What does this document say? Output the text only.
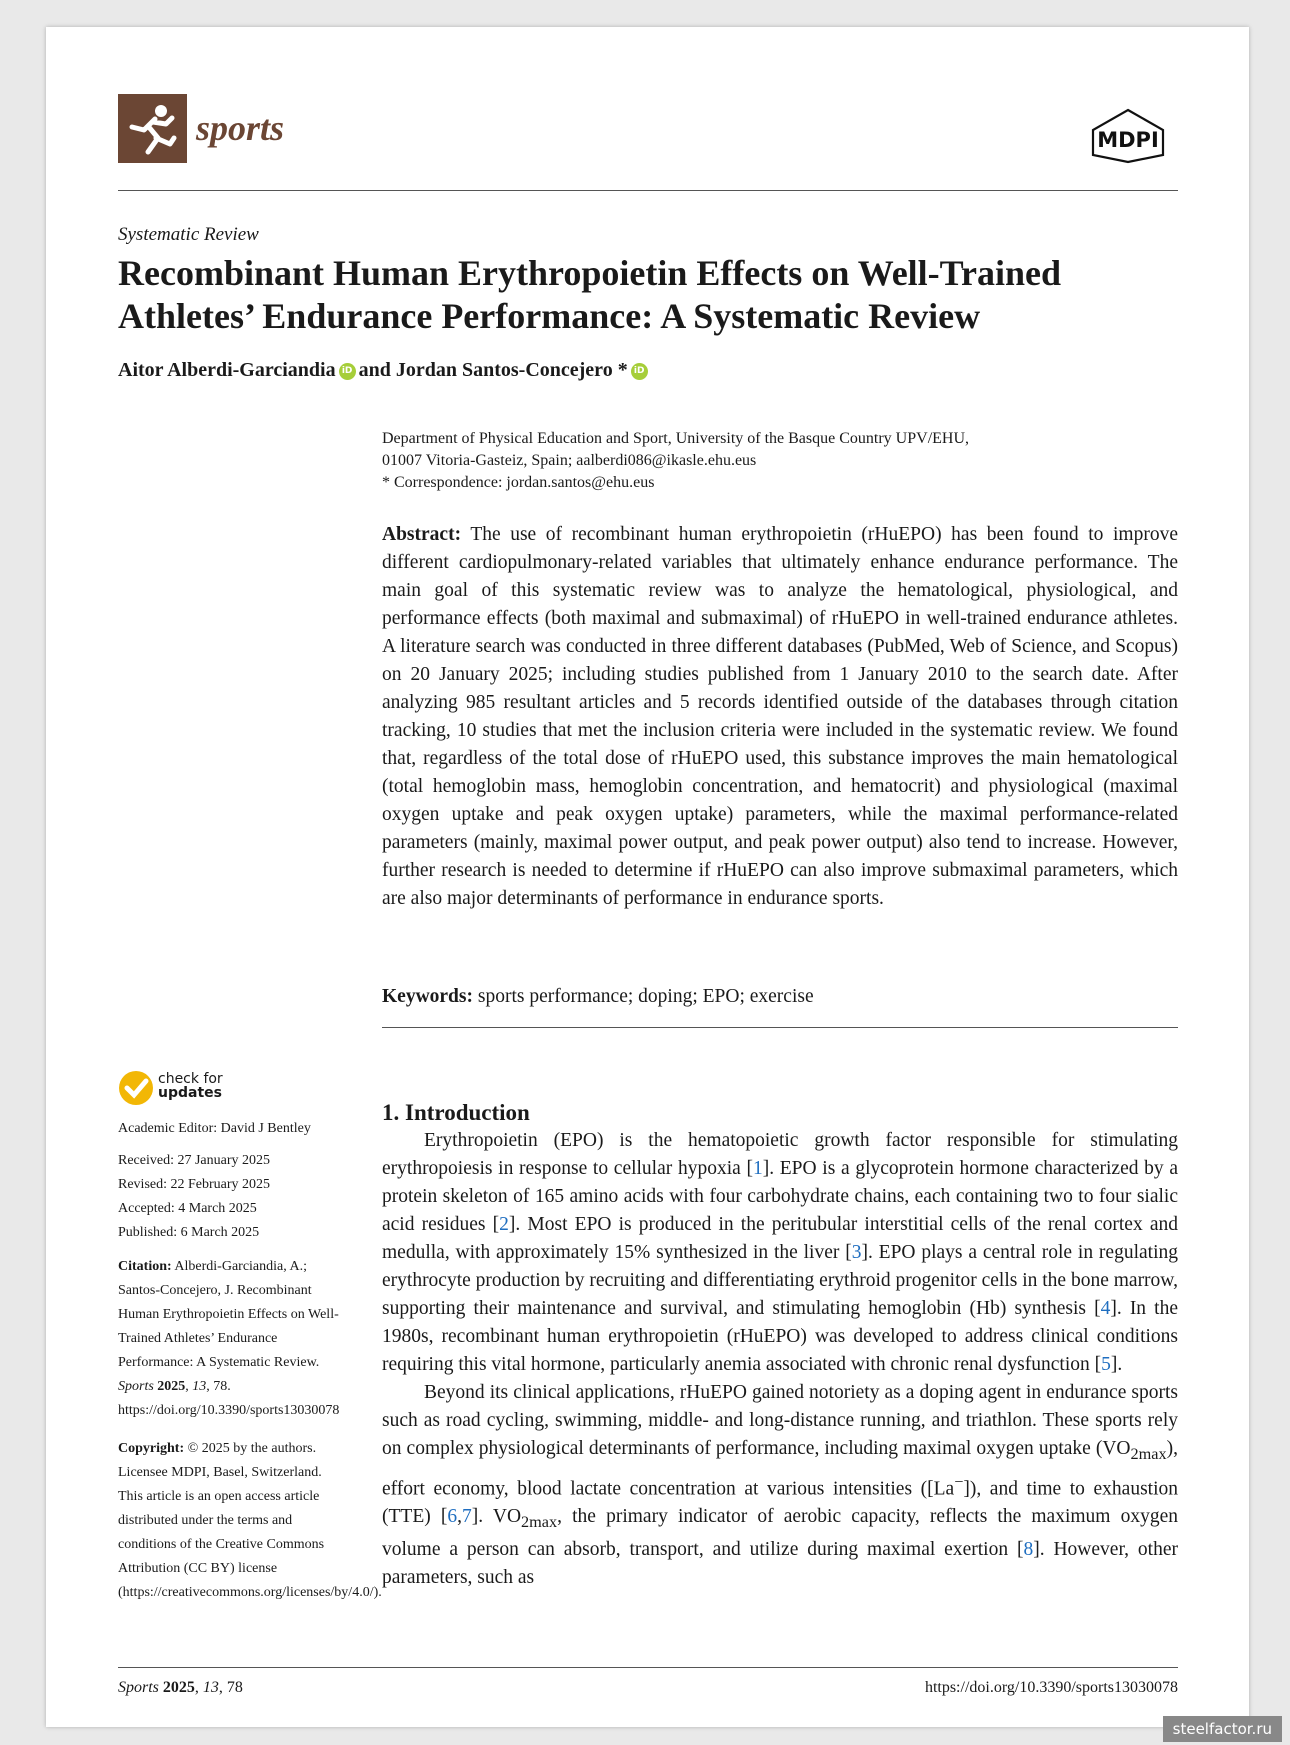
sports	MDPI
Systematic Review
Recombinant Human Erythropoietin Effects on Well-Trained Athletes’ Endurance Performance: A Systematic Review
Aitor Alberdi-Garciandia iD and Jordan Santos-Concejero * iD
Department of Physical Education and Sport, University of the Basque Country UPV/EHU,
01007 Vitoria-Gasteiz, Spain; aalberdi086@ikasle.ehu.eus
* Correspondence: jordan.santos@ehu.eus
Abstract: The use of recombinant human erythropoietin (rHuEPO) has been found to improve different cardiopulmonary-related variables that ultimately enhance endurance performance. The main goal of this systematic review was to analyze the hematological, physiological, and performance effects (both maximal and submaximal) of rHuEPO in well-trained endurance athletes. A literature search was conducted in three different databases (PubMed, Web of Science, and Scopus) on 20 January 2025; including studies published from 1 January 2010 to the search date. After analyzing 985 resultant articles and 5 records identified outside of the databases through citation tracking, 10 studies that met the inclusion criteria were included in the systematic review. We found that, regardless of the total dose of rHuEPO used, this substance improves the main hematological (total hemoglobin mass, hemoglobin concentration, and hematocrit) and physiological (maximal oxygen uptake and peak oxygen uptake) parameters, while the maximal performance-related parameters (mainly, maximal power output, and peak power output) also tend to increase. However, further research is needed to determine if rHuEPO can also improve submaximal parameters, which are also major determinants of performance in endurance sports.
Keywords: sports performance; doping; EPO; exercise
1. Introduction

Erythropoietin (EPO) is the hematopoietic growth factor responsible for stimulating erythropoiesis in response to cellular hypoxia [1]. EPO is a glycoprotein hormone characterized by a protein skeleton of 165 amino acids with four carbohydrate chains, each containing two to four sialic acid residues [2]. Most EPO is produced in the peritubular interstitial cells of the renal cortex and medulla, with approximately 15% synthesized in the liver [3]. EPO plays a central role in regulating erythrocyte production by recruiting and differentiating erythroid progenitor cells in the bone marrow, supporting their maintenance and survival, and stimulating hemoglobin (Hb) synthesis [4]. In the 1980s, recombinant human erythropoietin (rHuEPO) was developed to address clinical conditions requiring this vital hormone, particularly anemia associated with chronic renal dysfunction [5].

Beyond its clinical applications, rHuEPO gained notoriety as a doping agent in endurance sports such as road cycling, swimming, middle- and long-distance running, and triathlon. These sports rely on complex physiological determinants of performance, including maximal oxygen uptake $(VO_{2max})$, effort economy, blood lactate concentration at various intensities ([La−]), and time to exhaustion (TTE) [6,7]. $VO_{2max}$, the primary indicator of aerobic capacity, reflects the maximum oxygen volume a person can absorb, transport, and utilize during maximal exertion [8]. However, other parameters, such as

check for
updates
Academic Editor: David J Bentley
Received: 27 January 2025
Revised: 22 February 2025
Accepted: 4 March 2025
Published: 6 March 2025
Citation: Alberdi-Garciandia, A.; Santos-Concejero, J. Recombinant Human Erythropoietin Effects on Well-Trained Athletes’ Endurance Performance: A Systematic Review. Sports 2025, 13, 78. https://doi.org/10.3390/sports13030078
Copyright: © 2025 by the authors. Licensee MDPI, Basel, Switzerland. This article is an open access article distributed under the terms and conditions of the Creative Commons Attribution (CC BY) license (https://creativecommons.org/licenses/by/4.0/).
Sports 2025, 13, 78	https://doi.org/10.3390/sports13030078
steelfactor.ru
